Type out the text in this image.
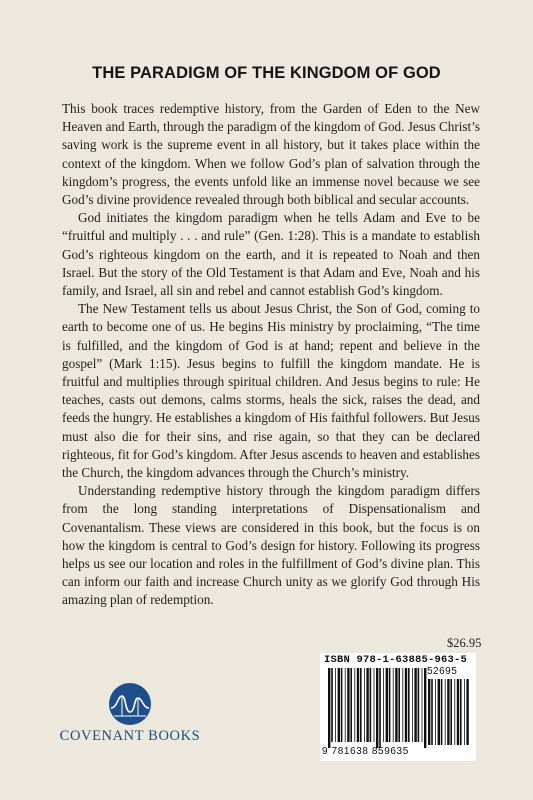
THE PARADIGM OF THE KINGDOM OF GOD

This book traces redemptive history, from the Garden of Eden to the New Heaven and Earth, through the paradigm of the kingdom of God. Jesus Christ’s saving work is the supreme event in all history, but it takes place within the context of the kingdom. When we follow God’s plan of salvation through the kingdom’s progress, the events unfold like an immense novel because we see God’s divine providence revealed through both biblical and secular accounts.

God initiates the kingdom paradigm when he tells Adam and Eve to be “fruitful and multiply . . . and rule” (Gen. 1:28). This is a mandate to establish God’s righteous kingdom on the earth, and it is repeated to Noah and then Israel. But the story of the Old Testament is that Adam and Eve, Noah and his family, and Israel, all sin and rebel and cannot establish God’s kingdom.

The New Testament tells us about Jesus Christ, the Son of God, coming to earth to become one of us. He begins His ministry by proclaiming, “The time is fulfilled, and the kingdom of God is at hand; repent and believe in the gospel” (Mark 1:15). Jesus begins to fulfill the kingdom mandate. He is fruitful and multiplies through spiritual children. And Jesus begins to rule: He teaches, casts out demons, calms storms, heals the sick, raises the dead, and feeds the hungry. He establishes a kingdom of His faithful followers. But Jesus must also die for their sins, and rise again, so that they can be declared righteous, fit for God’s kingdom. After Jesus ascends to heaven and establishes the Church, the kingdom advances through the Church’s ministry.

Understanding redemptive history through the kingdom paradigm differs from the long standing interpretations of Dispensationalism and Covenantalism. These views are considered in this book, but the focus is on how the kingdom is central to God’s design for history. Following its progress helps us see our location and roles in the fulfillment of God’s divine plan. This can inform our faith and increase Church unity as we glorify God through His amazing plan of redemption.

$26.95
ISBN 978-1-63885-963-5
52695
9 781638 859635
COVENANT BOOKS
